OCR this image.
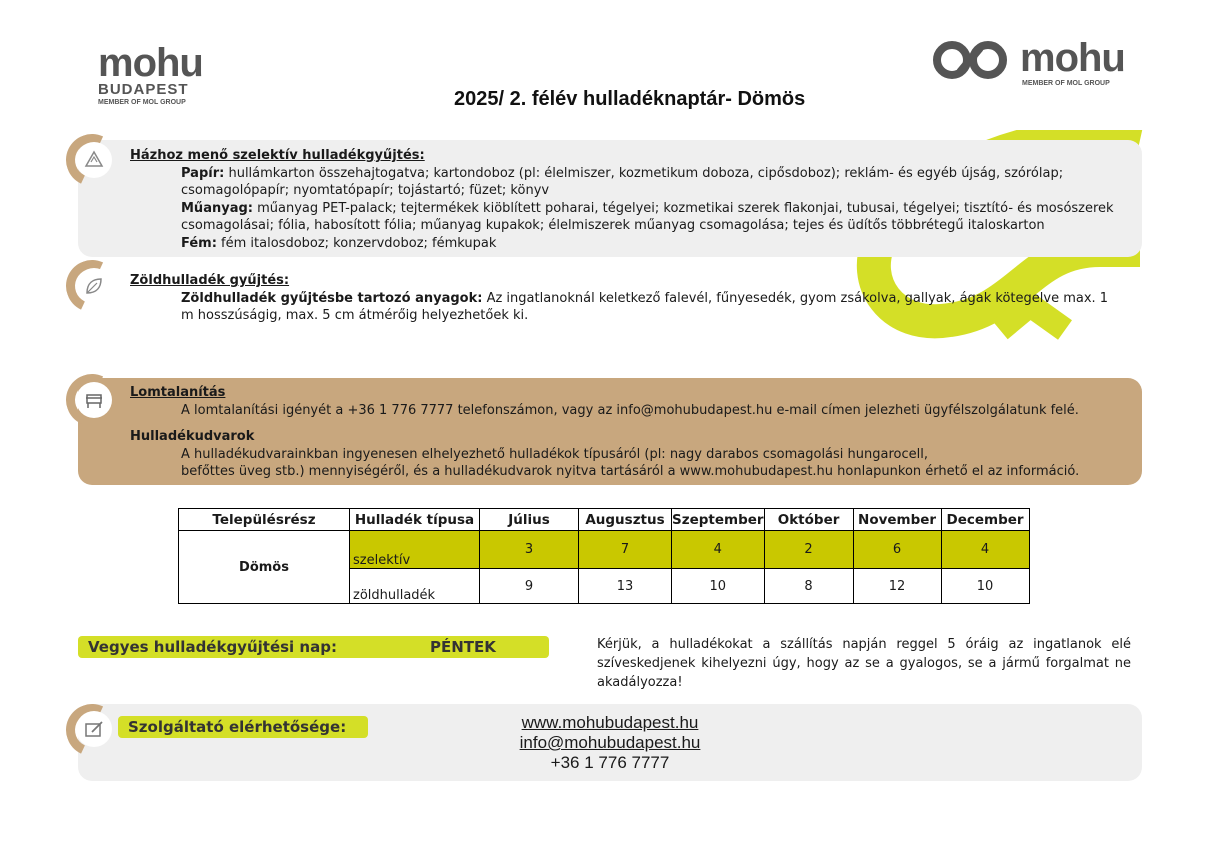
mohu
BUDAPEST
MEMBER OF MOL GROUP
mohu
MEMBER OF MOL GROUP
2025/ 2. félév hulladéknaptár- Dömös
Házhoz menő szelektív hulladékgyűjtés:
Papír: hullámkarton összehajtogatva; kartondoboz (pl: élelmiszer, kozmetikum doboza, cipősdoboz); reklám- és egyéb újság, szórólap; csomagolópapír; nyomtatópapír; tojástartó; füzet; könyv
Műanyag: műanyag PET-palack; tejtermékek kiöblített poharai, tégelyei; kozmetikai szerek flakonjai, tubusai, tégelyei; tisztító- és mosószerek csomagolásai; fólia, habosított fólia; műanyag kupakok; élelmiszerek műanyag csomagolása; tejes és üdítős többrétegű italoskarton
Fém: fém italosdoboz; konzervdoboz; fémkupak
Zöldhulladék gyűjtés:
Zöldhulladék gyűjtésbe tartozó anyagok: Az ingatlanoknál keletkező falevél, fűnyesedék, gyom zsákolva, gallyak, ágak kötegelve max. 1 m hosszúságig, max. 5 cm átmérőig helyezhetőek ki.
Lomtalanítás
A lomtalanítási igényét a +36 1 776 7777 telefonszámon, vagy az info@mohubudapest.hu e-mail címen jelezheti ügyfélszolgálatunk felé.
Hulladékudvarok
A hulladékudvarainkban ingyenesen elhelyezhető hulladékok típusáról (pl: nagy darabos csomagolási hungarocell,
befőttes üveg stb.) mennyiségéről, és a hulladékudvarok nyitva tartásáról a www.mohubudapest.hu honlapunkon érhető el az információ.
Településrész	Hulladék típusa	Július	Augusztus	Szeptember	Október	November	December
Dömös	szelektív	3	7	4	2	6	4
	zöldhulladék	9	13	10	8	12	10
Vegyes hulladékgyűjtési nap:	PÉNTEK	Kérjük, a hulladékokat a szállítás napján reggel 5 óráig az ingatlanok elé szíveskedjenek kihelyezni úgy, hogy az se a gyalogos, se a jármű forgalmat ne akadályozza!
Szolgáltató elérhetősége:	www.mohubudapest.hu
info@mohubudapest.hu
+36 1 776 7777
